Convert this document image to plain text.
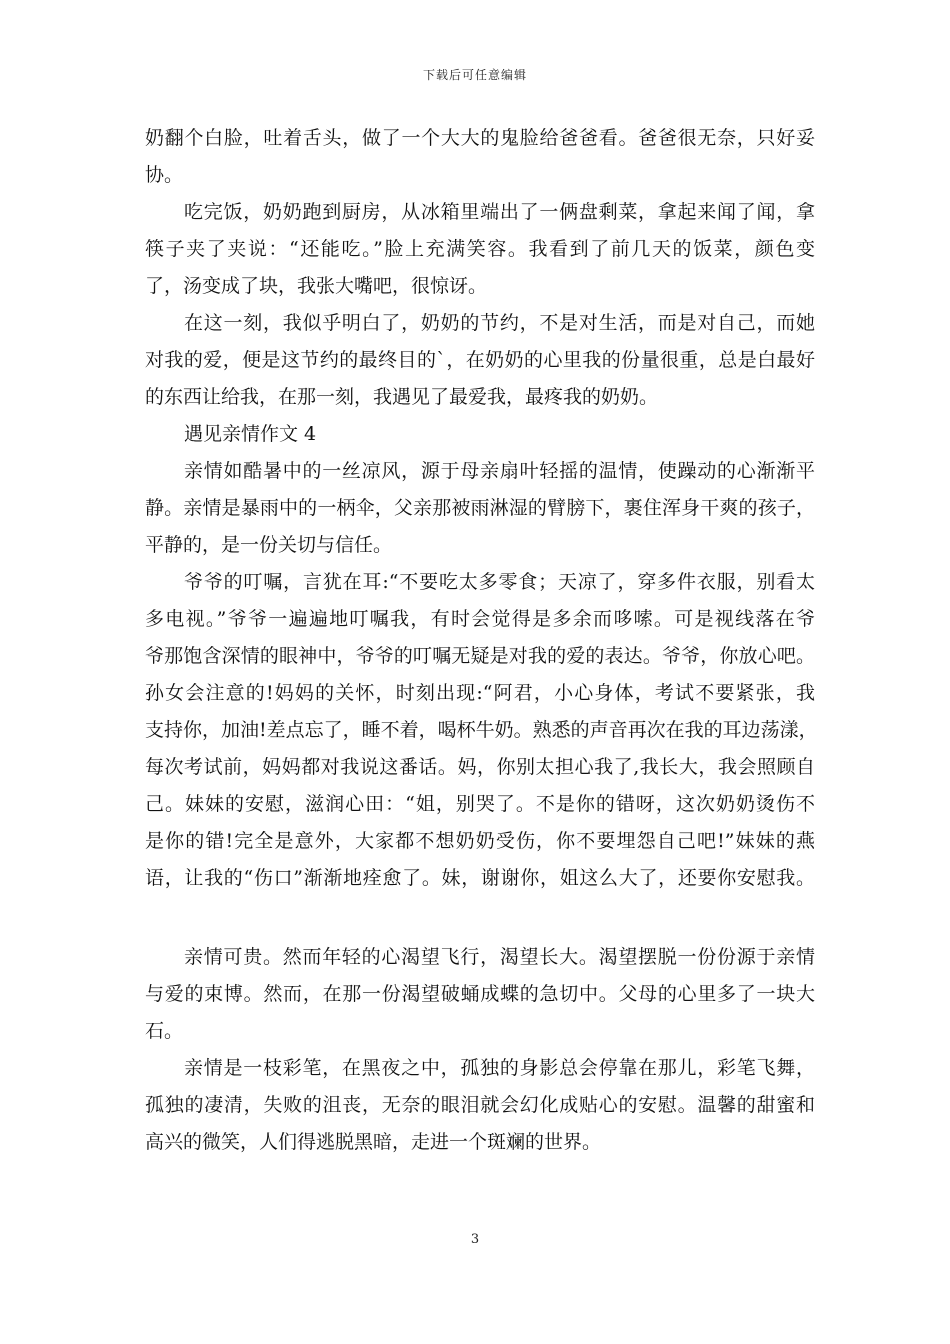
下载后可任意编辑
奶翻个白脸，吐着舌头，做了一个大大的鬼脸给爸爸看。爸爸很无奈，只好妥
协。
吃完饭，奶奶跑到厨房，从冰箱里端出了一俩盘剩菜，拿起来闻了闻，拿
筷子夹了夹说：“还能吃。”脸上充满笑容。我看到了前几天的饭菜，颜色变
了，汤变成了块，我张大嘴吧，很惊讶。
在这一刻，我似乎明白了，奶奶的节约，不是对生活，而是对自己，而她
对我的爱，便是这节约的最终目的`，在奶奶的心里我的份量很重，总是白最好
的东西让给我，在那一刻，我遇见了最爱我，最疼我的奶奶。
遇见亲情作文 4
亲情如酷暑中的一丝凉风，源于母亲扇叶轻摇的温情，使躁动的心渐渐平
静。亲情是暴雨中的一柄伞，父亲那被雨淋湿的臂膀下，裹住浑身干爽的孩子，
平静的，是一份关切与信任。
爷爷的叮嘱，言犹在耳:“不要吃太多零食；天凉了，穿多件衣服，别看太
多电视。”爷爷一遍遍地叮嘱我，有时会觉得是多余而哆嗦。可是视线落在爷
爷那饱含深情的眼神中，爷爷的叮嘱无疑是对我的爱的表达。爷爷，你放心吧。
孙女会注意的!妈妈的关怀，时刻出现:“阿君，小心身体，考试不要紧张，我
支持你，加油!差点忘了，睡不着，喝杯牛奶。熟悉的声音再次在我的耳边荡漾，
每次考试前，妈妈都对我说这番话。妈，你别太担心我了,我长大，我会照顾自
己。妹妹的安慰，滋润心田：“姐，别哭了。不是你的错呀，这次奶奶烫伤不
是你的错!完全是意外，大家都不想奶奶受伤，你不要埋怨自己吧!”妹妹的燕
语，让我的“伤口”渐渐地痊愈了。妹，谢谢你，姐这么大了，还要你安慰我。
亲情可贵。然而年轻的心渴望飞行，渴望长大。渴望摆脱一份份源于亲情
与爱的束博。然而，在那一份渴望破蛹成蝶的急切中。父母的心里多了一块大
石。
亲情是一枝彩笔，在黑夜之中，孤独的身影总会停靠在那儿，彩笔飞舞，
孤独的凄清，失败的沮丧，无奈的眼泪就会幻化成贴心的安慰。温馨的甜蜜和
高兴的微笑，人们得逃脱黑暗，走进一个斑斓的世界。
3
